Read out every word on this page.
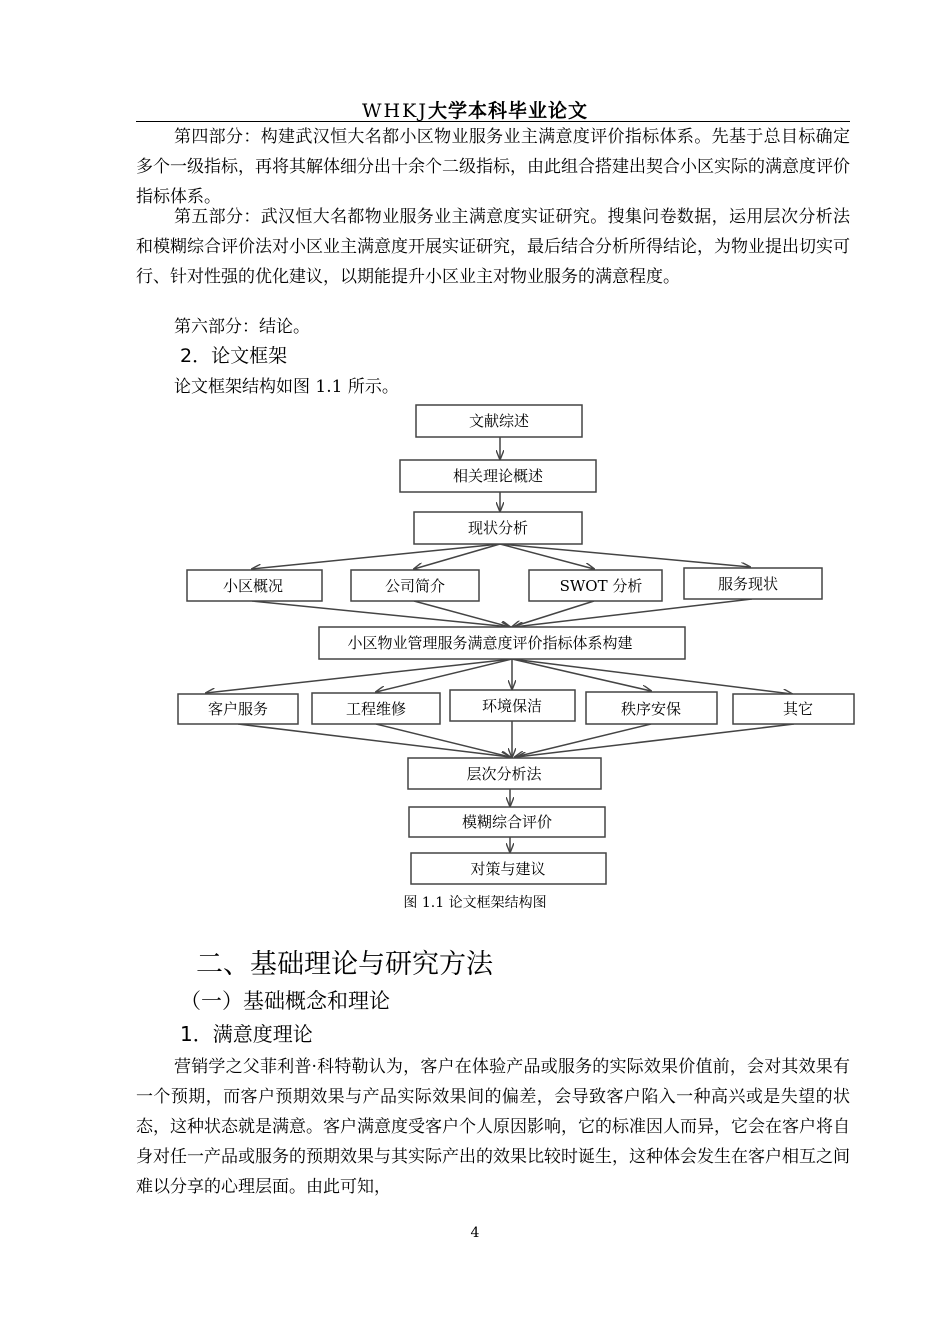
WHKJ大学本科毕业论文

第四部分：构建武汉恒大名都小区物业服务业主满意度评价指标体系。先基于总目标确定多个一级指标，再将其解体细分出十余个二级指标，由此组合搭建出契合小区实际的满意度评价指标体系。

第五部分：武汉恒大名都物业服务业主满意度实证研究。搜集问卷数据，运用层次分析法和模糊综合评价法对小区业主满意度开展实证研究，最后结合分析所得结论，为物业提出切实可行、针对性强的优化建议，以期能提升小区业主对物业服务的满意程度。

第六部分：结论。

2．论文框架

论文框架结构如图 1.1 所示。

文献综述
相关理论概述
现状分析
小区概况	公司简介	SWOT 分析	服务现状
小区物业管理服务满意度评价指标体系构建
客户服务	工程维修	环境保洁	秩序安保	其它
层次分析法
模糊综合评价
对策与建议
图 1.1 论文框架结构图
二、基础理论与研究方法
（一）基础概念和理论
1．满意度理论

营销学之父菲利普·科特勒认为，客户在体验产品或服务的实际效果价值前，会对其效果有一个预期，而客户预期效果与产品实际效果间的偏差，会导致客户陷入一种高兴或是失望的状态，这种状态就是满意。客户满意度受客户个人原因影响，它的标准因人而异，它会在客户将自身对任一产品或服务的预期效果与其实际产出的效果比较时诞生，这种体会发生在客户相互之间难以分享的心理层面。由此可知，

4
